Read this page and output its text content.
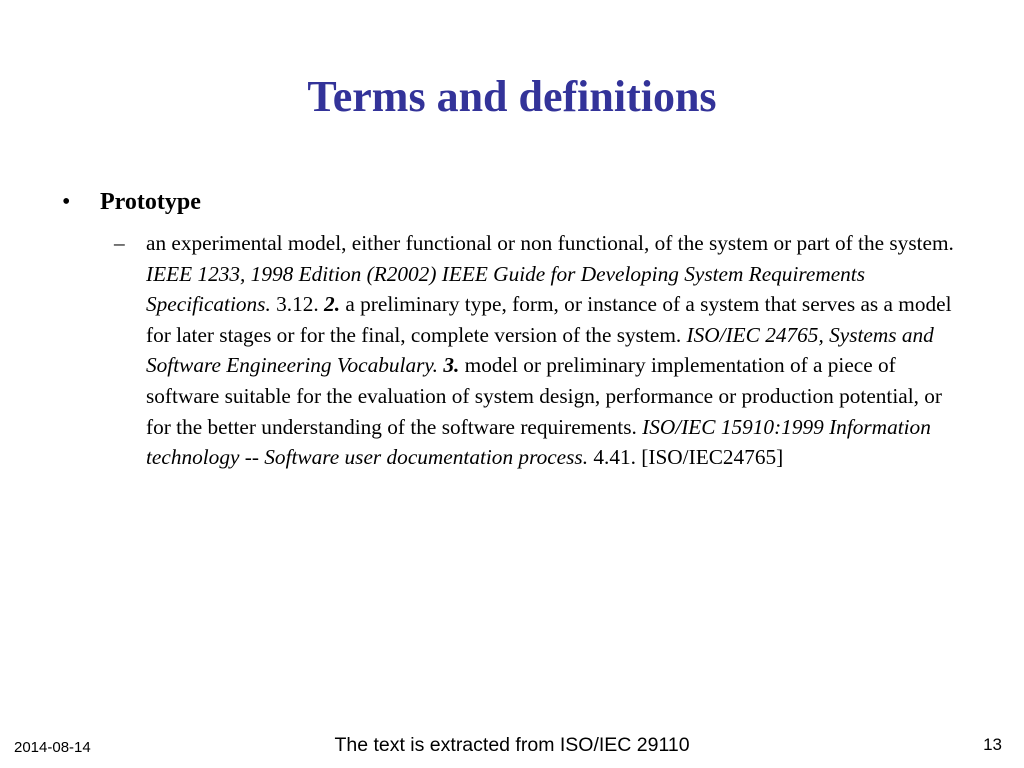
Terms and definitions
• Prototype
– an experimental model, either functional or non functional, of the system or part of the system. IEEE 1233, 1998 Edition (R2002) IEEE Guide for Developing System Requirements Specifications. 3.12. 2. a preliminary type, form, or instance of a system that serves as a model for later stages or for the final, complete version of the system. ISO/IEC 24765, Systems and Software Engineering Vocabulary. 3. model or preliminary implementation of a piece of software suitable for the evaluation of system design, performance or production potential, or for the better understanding of the software requirements. ISO/IEC 15910:1999 Information technology -- Software user documentation process. 4.41. [ISO/IEC24765]

2014-08-14	The text is extracted from ISO/IEC 29110	13
